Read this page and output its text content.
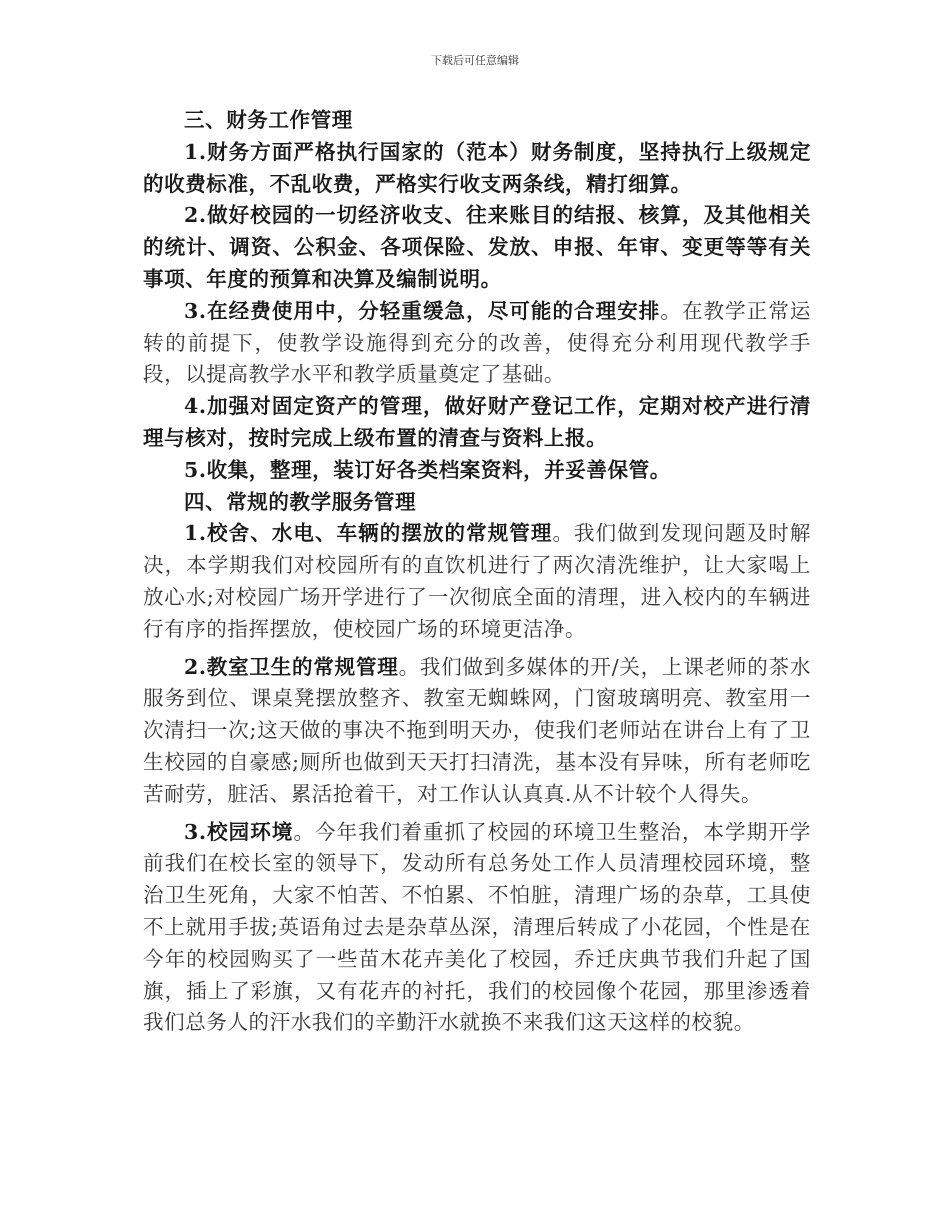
下载后可任意编辑

三、财务工作管理

1.财务方面严格执行国家的（范本）财务制度，坚持执行上级规定的收费标准，不乱收费，严格实行收支两条线，精打细算。

2.做好校园的一切经济收支、往来账目的结报、核算，及其他相关的统计、调资、公积金、各项保险、发放、申报、年审、变更等等有关事项、年度的预算和决算及编制说明。

3.在经费使用中，分轻重缓急，尽可能的合理安排。在教学正常运转的前提下，使教学设施得到充分的改善，使得充分利用现代教学手段，以提高教学水平和教学质量奠定了基础。

4.加强对固定资产的管理，做好财产登记工作，定期对校产进行清理与核对，按时完成上级布置的清查与资料上报。

5.收集，整理，装订好各类档案资料，并妥善保管。

四、常规的教学服务管理

1.校舍、水电、车辆的摆放的常规管理。我们做到发现问题及时解决，本学期我们对校园所有的直饮机进行了两次清洗维护，让大家喝上放心水;对校园广场开学进行了一次彻底全面的清理，进入校内的车辆进行有序的指挥摆放，使校园广场的环境更洁净。

2.教室卫生的常规管理。我们做到多媒体的开/关，上课老师的茶水服务到位、课桌凳摆放整齐、教室无蜘蛛网，门窗玻璃明亮、教室用一次清扫一次;这天做的事决不拖到明天办，使我们老师站在讲台上有了卫生校园的自豪感;厕所也做到天天打扫清洗，基本没有异味，所有老师吃苦耐劳，脏活、累活抢着干，对工作认认真真.从不计较个人得失。

3.校园环境。今年我们着重抓了校园的环境卫生整治，本学期开学前我们在校长室的领导下，发动所有总务处工作人员清理校园环境，整治卫生死角，大家不怕苦、不怕累、不怕脏，清理广场的杂草，工具使不上就用手拔;英语角过去是杂草丛深，清理后转成了小花园，个性是在今年的校园购买了一些苗木花卉美化了校园，乔迁庆典节我们升起了国旗，插上了彩旗，又有花卉的衬托，我们的校园像个花园，那里渗透着我们总务人的汗水我们的辛勤汗水就换不来我们这天这样的校貌。
